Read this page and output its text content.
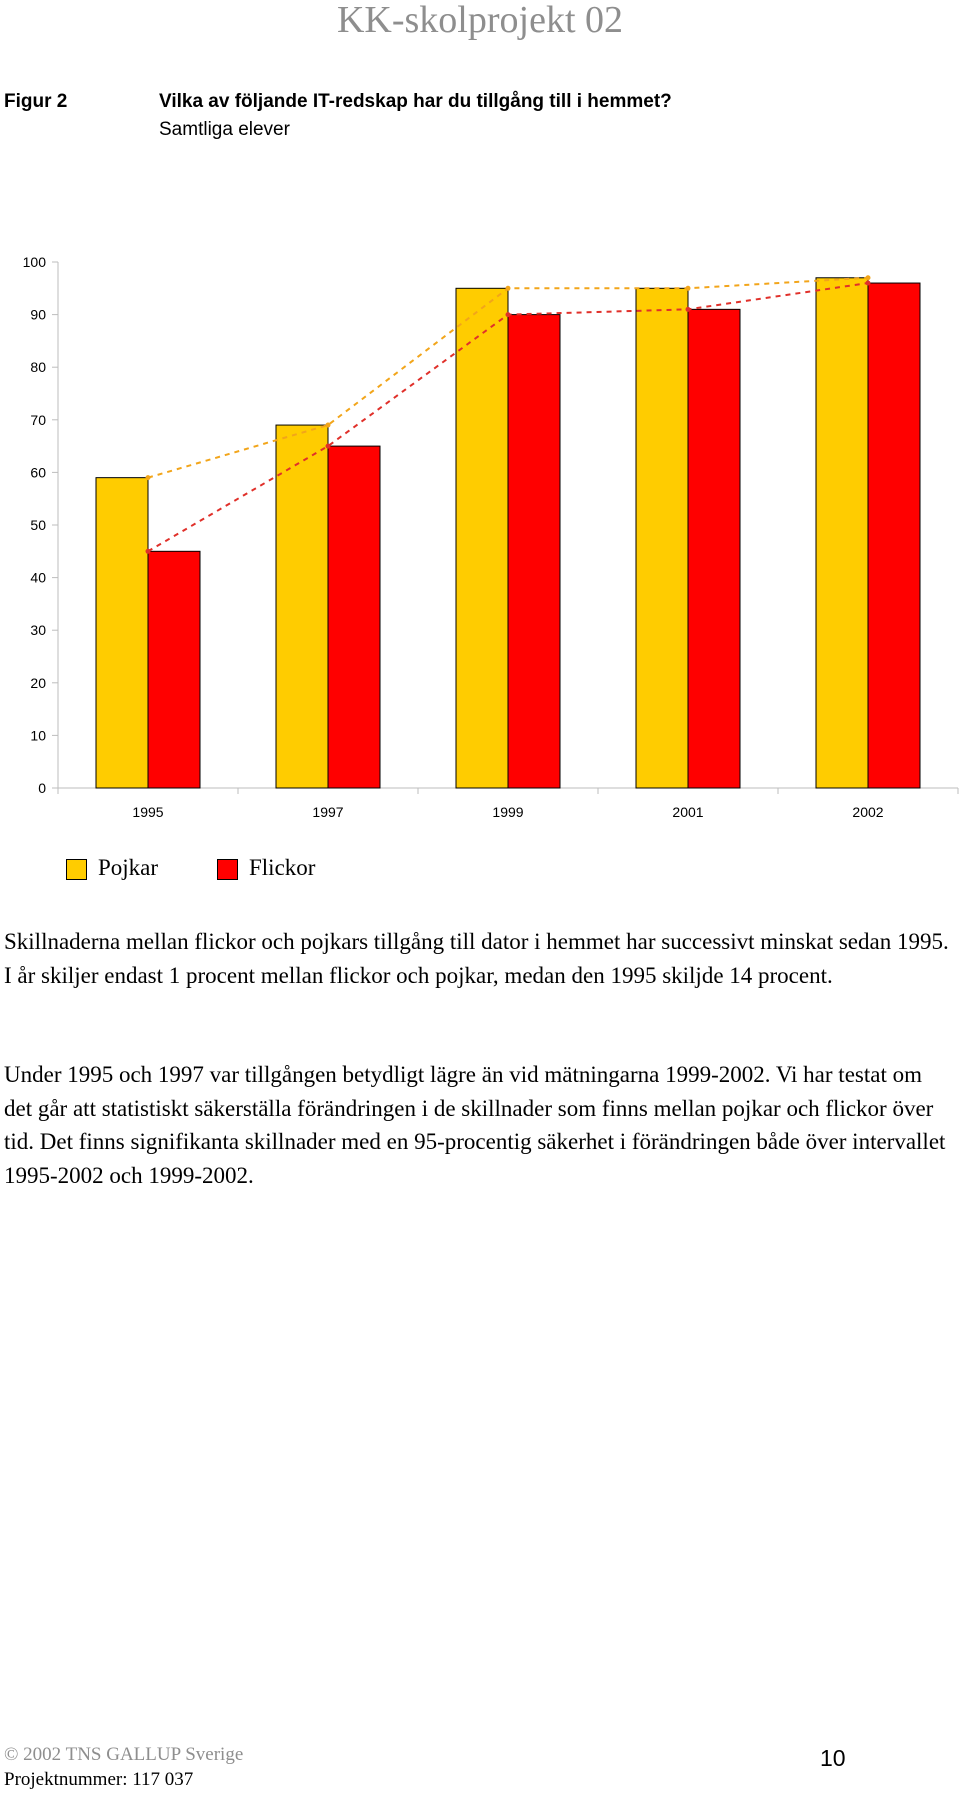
KK-skolprojekt 02
Figur 2	Vilka av följande IT-redskap har du tillgång till i hemmet?
Samtliga elever
0
10
20
30
40
50
60
70
80
90
100
1995	1997	1999	2001	2002
Pojkar	Flickor
Skillnaderna mellan flickor och pojkars tillgång till dator i hemmet har successivt minskat sedan 1995. I år skiljer endast 1 procent mellan flickor och pojkar, medan den 1995 skiljde 14 procent.
Under 1995 och 1997 var tillgången betydligt lägre än vid mätningarna 1999-2002. Vi har testat om det går att statistiskt säkerställa förändringen i de skillnader som finns mellan pojkar och flickor över tid. Det finns signifikanta skillnader med en 95-procentig säkerhet i förändringen både över intervallet 1995-2002 och 1999-2002.
© 2002 TNS GALLUP Sverige
Projektnummer: 117 037
10
